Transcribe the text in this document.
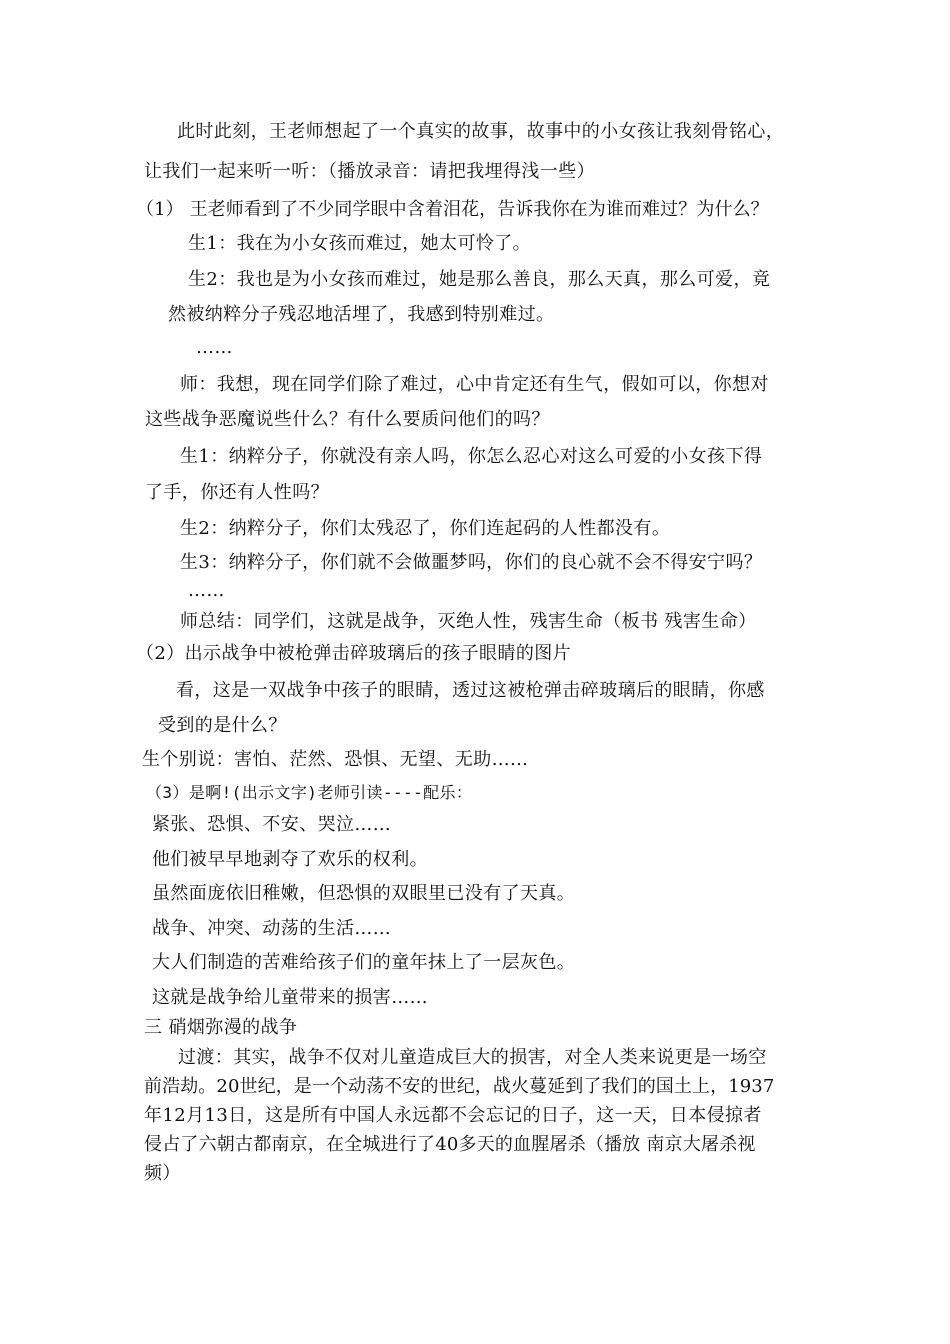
此时此刻，王老师想起了一个真实的故事，故事中的小女孩让我刻骨铭心，
让我们一起来听一听：（播放录音：请把我埋得浅一些）
（1） 王老师看到了不少同学眼中含着泪花，告诉我你在为谁而难过？为什么？
生1：我在为小女孩而难过，她太可怜了。
生2：我也是为小女孩而难过，她是那么善良，那么天真，那么可爱，竟
然被纳粹分子残忍地活埋了，我感到特别难过。
……
师：我想，现在同学们除了难过，心中肯定还有生气，假如可以，你想对
这些战争恶魔说些什么？有什么要质问他们的吗？
生1：纳粹分子，你就没有亲人吗，你怎么忍心对这么可爱的小女孩下得
了手，你还有人性吗？
生2：纳粹分子，你们太残忍了，你们连起码的人性都没有。
生3：纳粹分子，你们就不会做噩梦吗，你们的良心就不会不得安宁吗？
……
师总结：同学们，这就是战争，灭绝人性，残害生命（板书 残害生命）
（2）出示战争中被枪弹击碎玻璃后的孩子眼睛的图片
看，这是一双战争中孩子的眼睛，透过这被枪弹击碎玻璃后的眼睛，你感
受到的是什么？
生个别说：害怕、茫然、恐惧、无望、无助……
（3）是啊!(出示文字)老师引读----配乐：
紧张、恐惧、不安、哭泣……
他们被早早地剥夺了欢乐的权利。
虽然面庞依旧稚嫩，但恐惧的双眼里已没有了天真。
战争、冲突、动荡的生活……
大人们制造的苦难给孩子们的童年抹上了一层灰色。
这就是战争给儿童带来的损害……
三 硝烟弥漫的战争
过渡：其实，战争不仅对儿童造成巨大的损害，对全人类来说更是一场空
前浩劫。20世纪，是一个动荡不安的世纪，战火蔓延到了我们的国土上，1937
年12月13日，这是所有中国人永远都不会忘记的日子，这一天，日本侵掠者
侵占了六朝古都南京，在全城进行了40多天的血腥屠杀（播放 南京大屠杀视
频）
